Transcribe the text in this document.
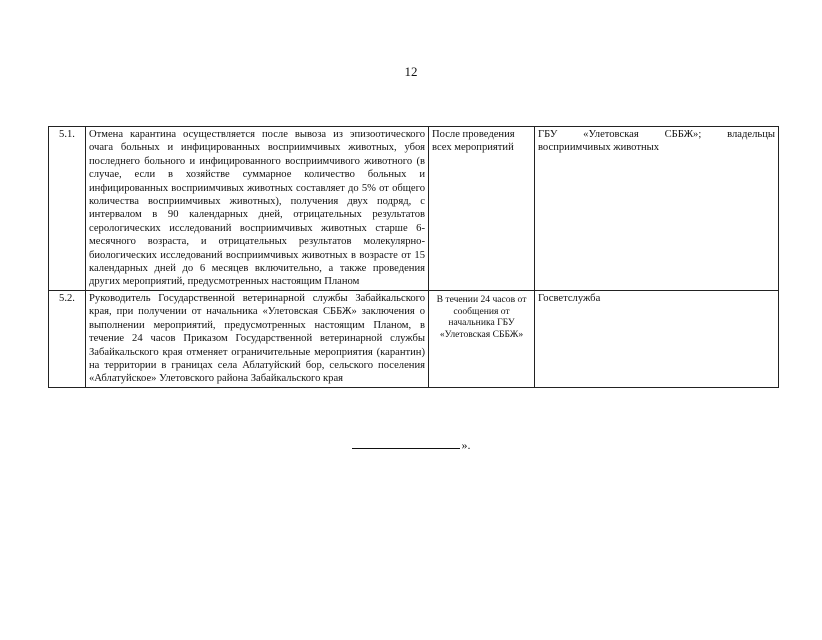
12
5.1.	Отмена карантина осуществляется после вывоза из эпизоотического очага больных и инфицированных восприимчивых животных, убоя последнего больного и инфицированного восприимчивого животного (в случае, если в хозяйстве суммарное количество больных и инфицированных восприимчивых животных составляет до 5% от общего количества восприимчивых животных), получения двух подряд, с интервалом в 90 календарных дней, отрицательных результатов серологических исследований восприимчивых животных старше 6-месячного возраста, и отрицательных результатов молекулярно-биологических исследований восприимчивых животных в возрасте от 15 календарных дней до 6 месяцев включительно, а также проведения других мероприятий, предусмотренных настоящим Планом	После проведения всех мероприятий	ГБУ «Улетовская СББЖ»; владельцы восприимчивых животных
5.2.	Руководитель Государственной ветеринарной службы Забайкальского края, при получении от начальника «Улетовская СББЖ» заключения о выполнении мероприятий, предусмотренных настоящим Планом, в течение 24 часов Приказом Государственной ветеринарной службы Забайкальского края отменяет ограничительные мероприятия (карантин) на территории в границах села Аблатуйский бор, сельского поселения «Аблатуйское» Улетовского района Забайкальского края	В течении 24 часов от сообщения от начальника ГБУ «Улетовская СББЖ»	Госветслужба
».
